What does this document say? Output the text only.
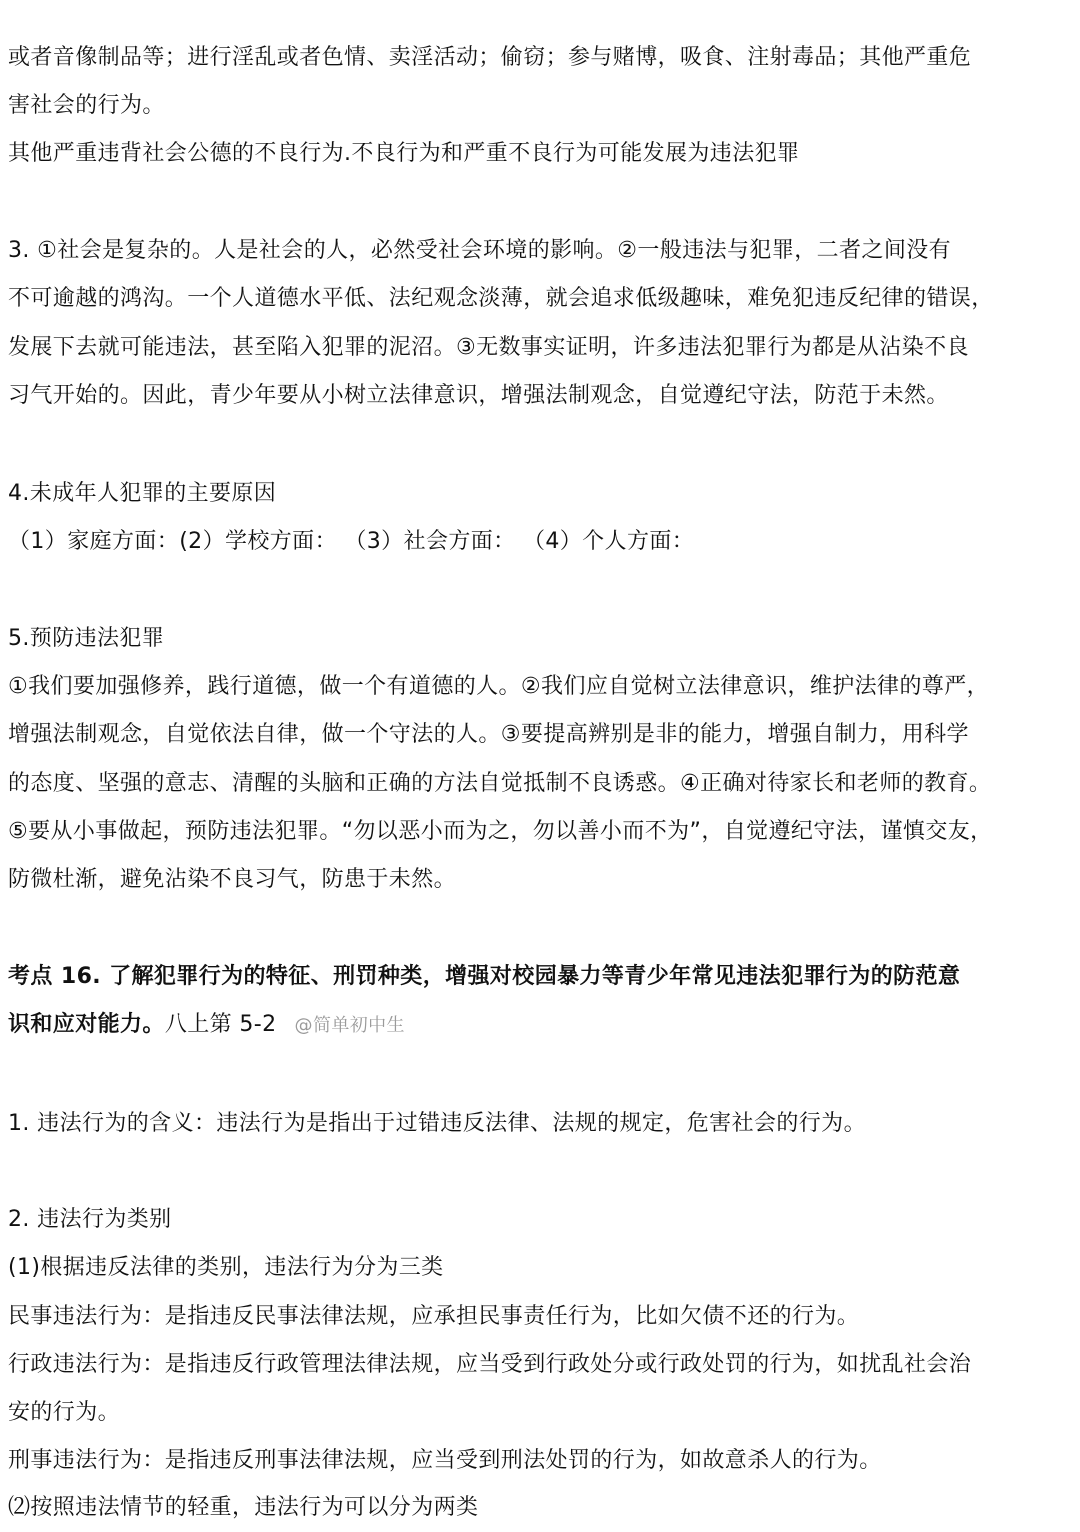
或者音像制品等；进行淫乱或者色情、卖淫活动；偷窃；参与赌博，吸食、注射毒品；其他严重危
害社会的行为。
其他严重违背社会公德的不良行为.不良行为和严重不良行为可能发展为违法犯罪
3. ①社会是复杂的。人是社会的人，必然受社会环境的影响。②一般违法与犯罪，二者之间没有
不可逾越的鸿沟。一个人道德水平低、法纪观念淡薄，就会追求低级趣味，难免犯违反纪律的错误，
发展下去就可能违法，甚至陷入犯罪的泥沼。③无数事实证明，许多违法犯罪行为都是从沾染不良
习气开始的。因此，青少年要从小树立法律意识，增强法制观念，自觉遵纪守法，防范于未然。
4.未成年人犯罪的主要原因
（1）家庭方面：(2）学校方面： （3）社会方面： （4）个人方面：
5.预防违法犯罪
①我们要加强修养，践行道德，做一个有道德的人。②我们应自觉树立法律意识，维护法律的尊严，
增强法制观念，自觉依法自律，做一个守法的人。③要提高辨别是非的能力，增强自制力，用科学
的态度、坚强的意志、清醒的头脑和正确的方法自觉抵制不良诱惑。④正确对待家长和老师的教育。
⑤要从小事做起，预防违法犯罪。“勿以恶小而为之，勿以善小而不为”，自觉遵纪守法，谨慎交友，
防微杜渐，避免沾染不良习气，防患于未然。
考点 16. 了解犯罪行为的特征、刑罚种类，增强对校园暴力等青少年常见违法犯罪行为的防范意
识和应对能力。八上第 5-2 @简单初中生
1. 违法行为的含义：违法行为是指出于过错违反法律、法规的规定，危害社会的行为。
2. 违法行为类别
(1)根据违反法律的类别，违法行为分为三类
民事违法行为：是指违反民事法律法规，应承担民事责任行为，比如欠债不还的行为。
行政违法行为：是指违反行政管理法律法规，应当受到行政处分或行政处罚的行为，如扰乱社会治
安的行为。
刑事违法行为：是指违反刑事法律法规，应当受到刑法处罚的行为，如故意杀人的行为。
⑵按照违法情节的轻重，违法行为可以分为两类
